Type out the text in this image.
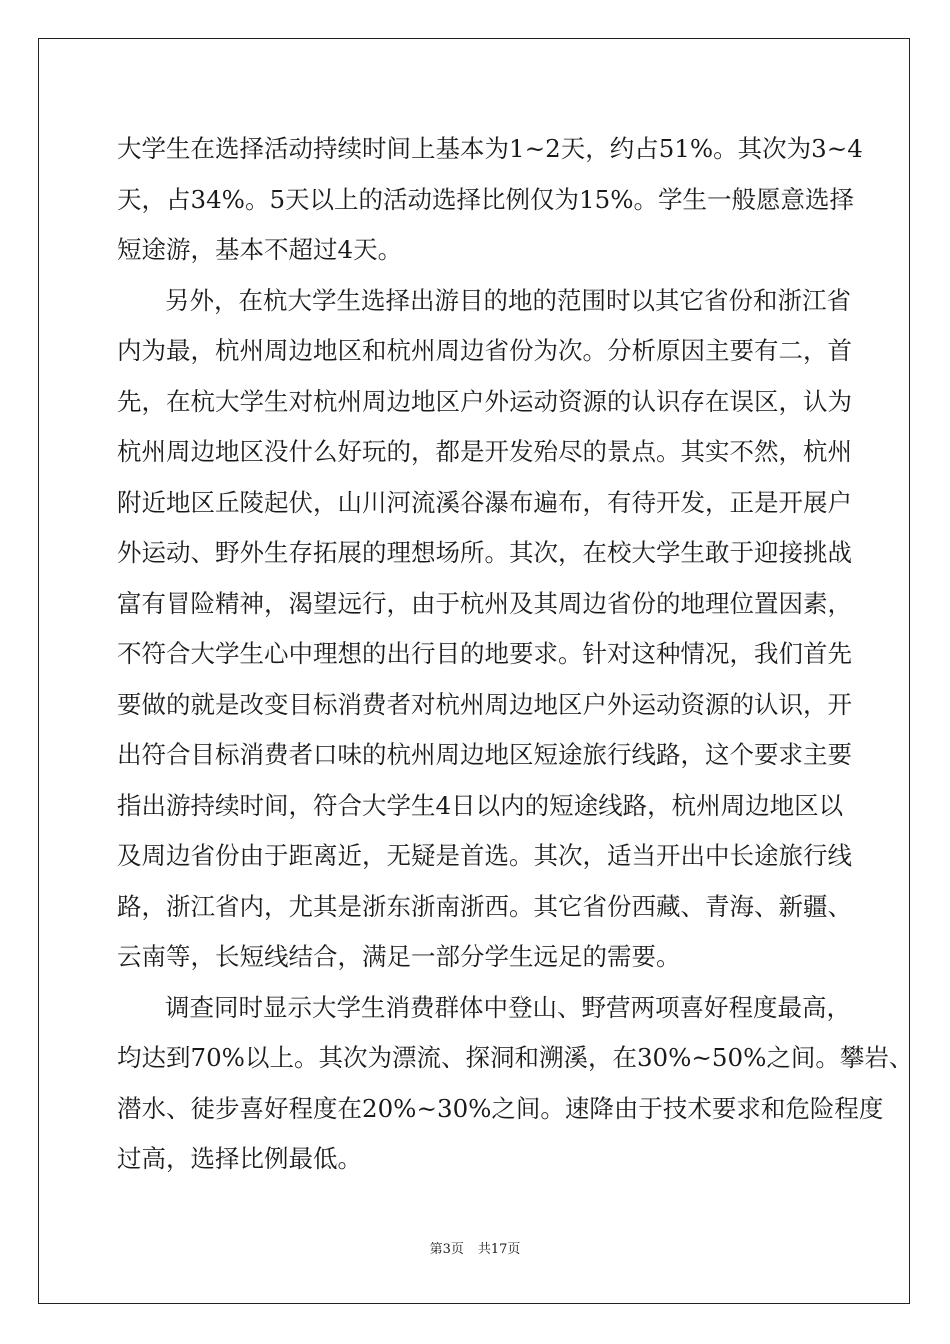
大学生在选择活动持续时间上基本为1~2天，约占51%。其次为3~4
天，占34%。5天以上的活动选择比例仅为15%。学生一般愿意选择
短途游，基本不超过4天。
另外，在杭大学生选择出游目的地的范围时以其它省份和浙江省
内为最，杭州周边地区和杭州周边省份为次。分析原因主要有二，首
先，在杭大学生对杭州周边地区户外运动资源的认识存在误区，认为
杭州周边地区没什么好玩的，都是开发殆尽的景点。其实不然，杭州
附近地区丘陵起伏，山川河流溪谷瀑布遍布，有待开发，正是开展户
外运动、野外生存拓展的理想场所。其次，在校大学生敢于迎接挑战
富有冒险精神，渴望远行，由于杭州及其周边省份的地理位置因素，
不符合大学生心中理想的出行目的地要求。针对这种情况，我们首先
要做的就是改变目标消费者对杭州周边地区户外运动资源的认识，开
出符合目标消费者口味的杭州周边地区短途旅行线路，这个要求主要
指出游持续时间，符合大学生4日以内的短途线路，杭州周边地区以
及周边省份由于距离近，无疑是首选。其次，适当开出中长途旅行线
路，浙江省内，尤其是浙东浙南浙西。其它省份西藏、青海、新疆、
云南等，长短线结合，满足一部分学生远足的需要。
调查同时显示大学生消费群体中登山、野营两项喜好程度最高，
均达到70%以上。其次为漂流、探洞和溯溪，在30%~50%之间。攀岩、
潜水、徒步喜好程度在20%~30%之间。速降由于技术要求和危险程度
过高，选择比例最低。
第3页 共17页
